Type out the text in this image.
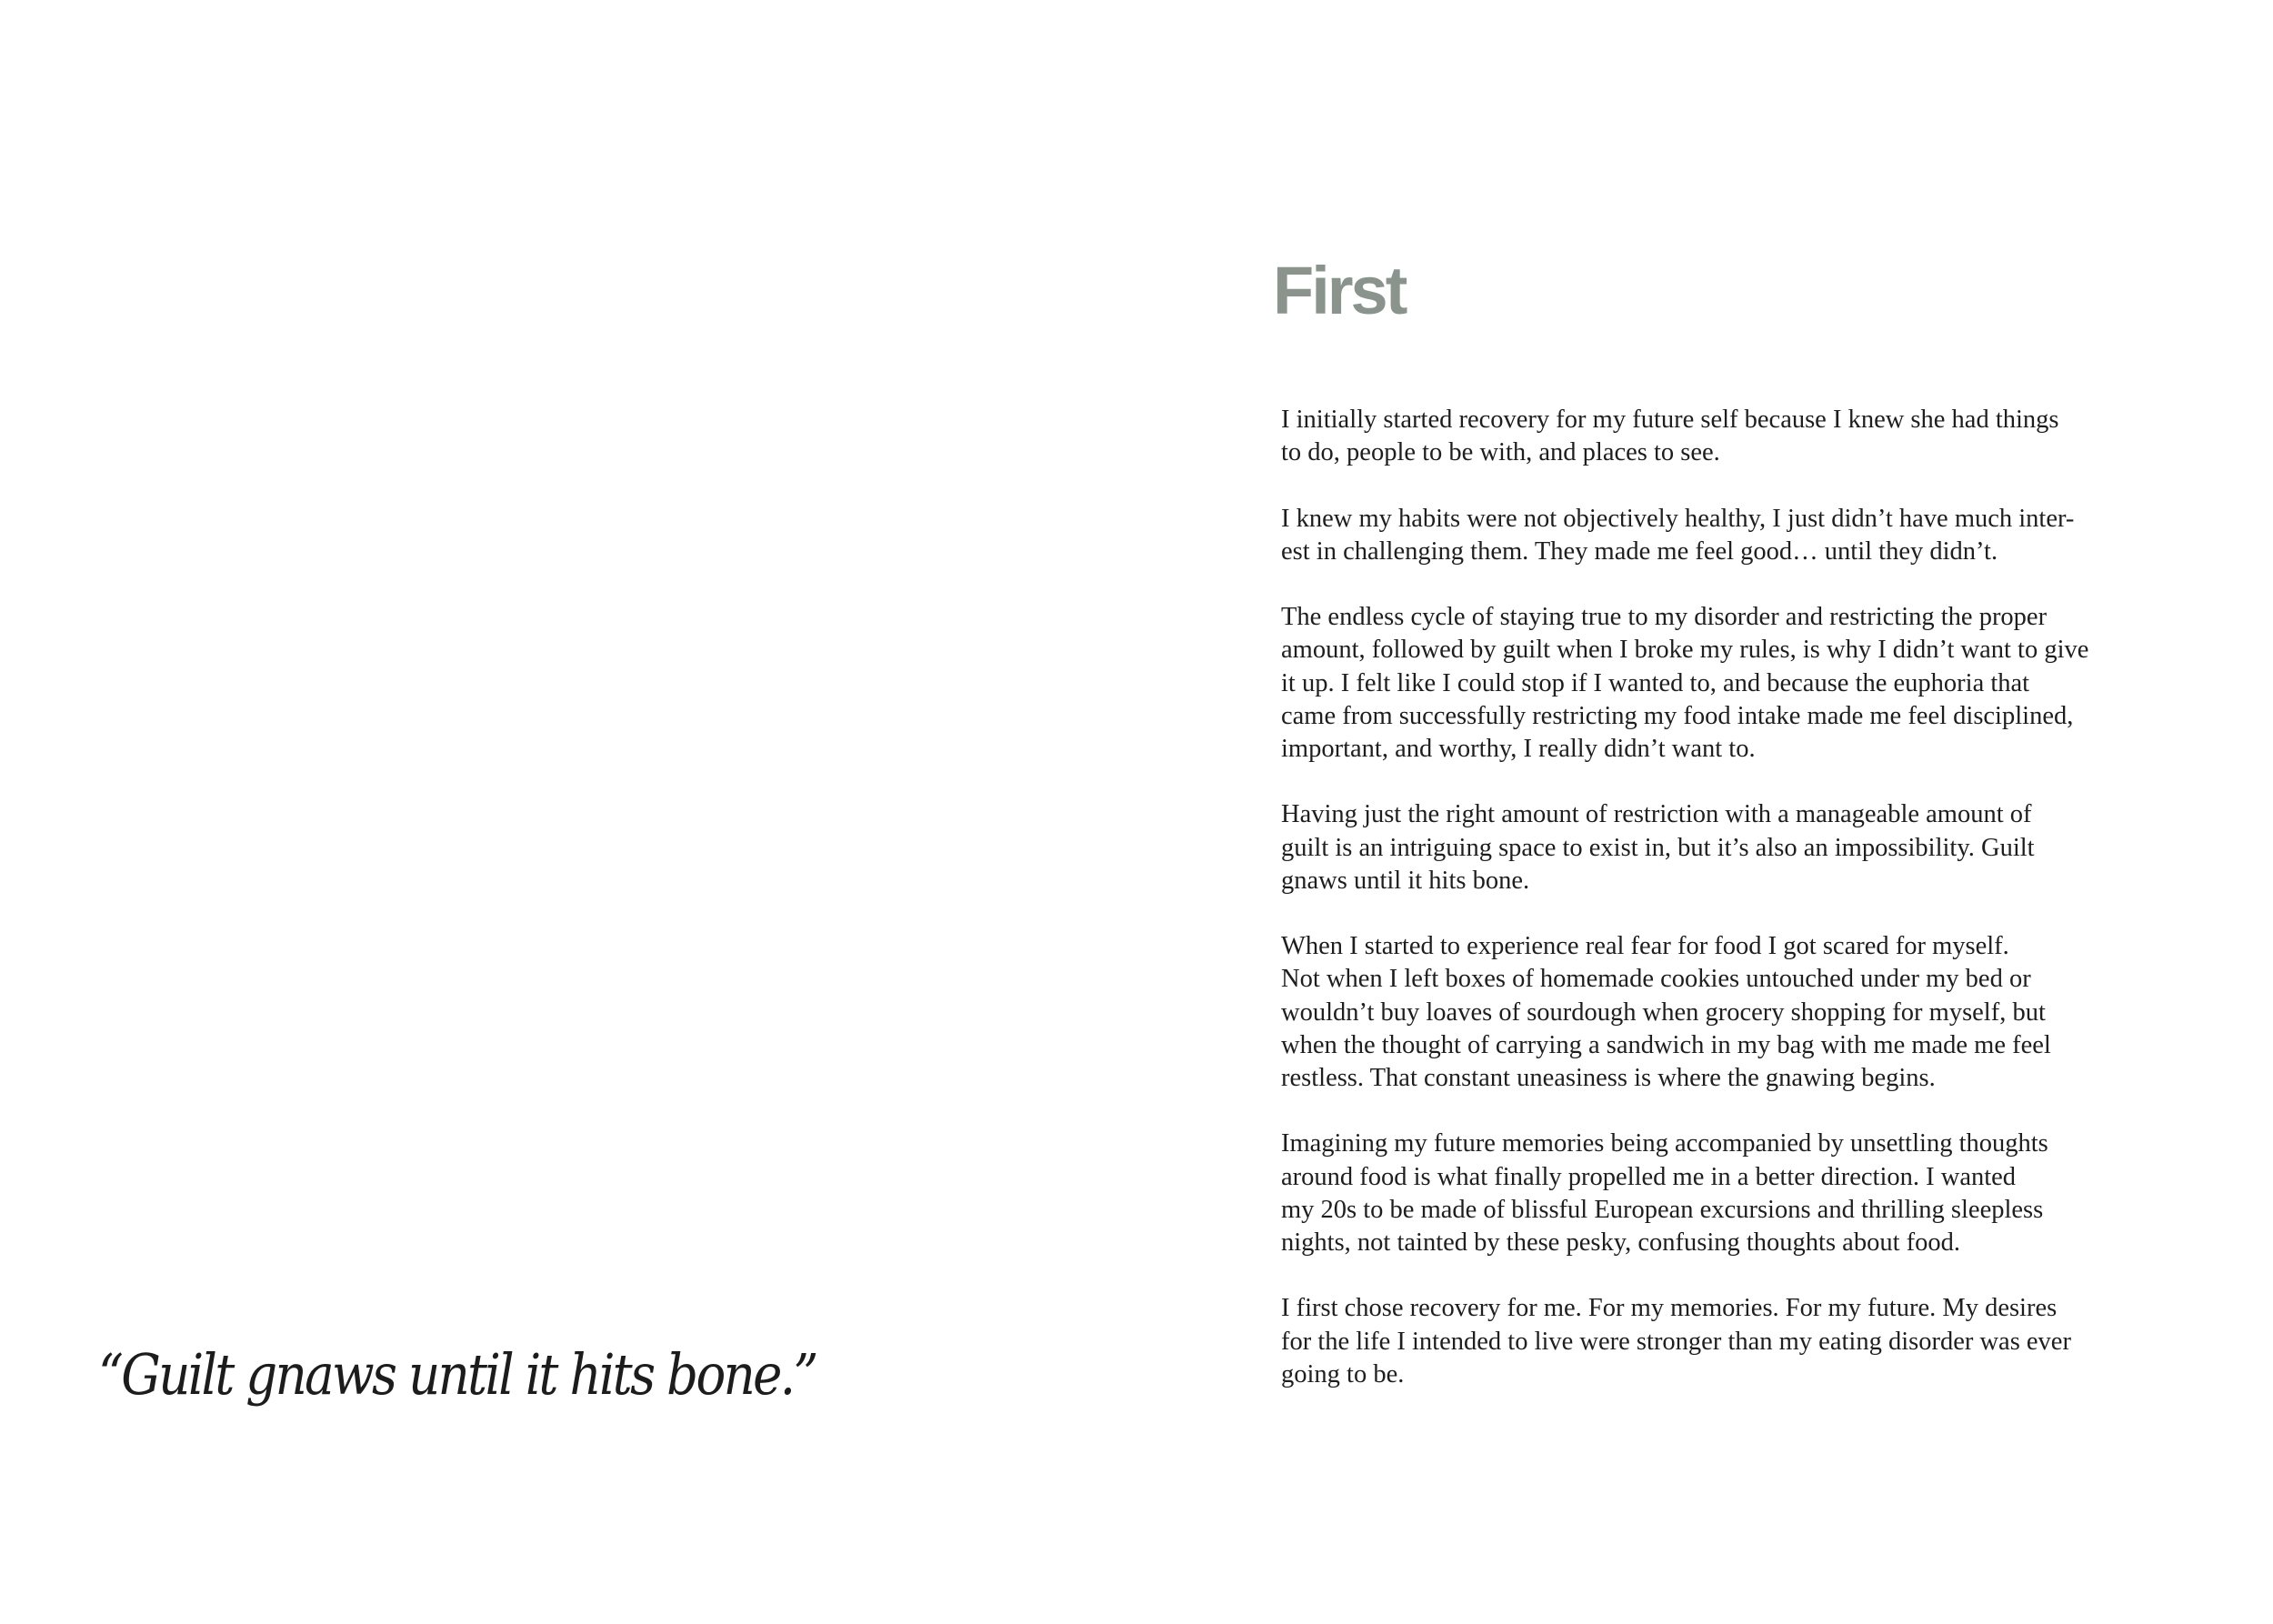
“Guilt gnaws until it hits bone.”

First

I initially started recovery for my future self because I knew she had things
to do, people to be with, and places to see.

I knew my habits were not objectively healthy, I just didn’t have much inter-
est in challenging them. They made me feel good… until they didn’t.

The endless cycle of staying true to my disorder and restricting the proper
amount, followed by guilt when I broke my rules, is why I didn’t want to give
it up. I felt like I could stop if I wanted to, and because the euphoria that
came from successfully restricting my food intake made me feel disciplined,
important, and worthy, I really didn’t want to.

Having just the right amount of restriction with a manageable amount of
guilt is an intriguing space to exist in, but it’s also an impossibility. Guilt
gnaws until it hits bone.

When I started to experience real fear for food I got scared for myself.
Not when I left boxes of homemade cookies untouched under my bed or
wouldn’t buy loaves of sourdough when grocery shopping for myself, but
when the thought of carrying a sandwich in my bag with me made me feel
restless. That constant uneasiness is where the gnawing begins.

Imagining my future memories being accompanied by unsettling thoughts
around food is what finally propelled me in a better direction. I wanted
my 20s to be made of blissful European excursions and thrilling sleepless
nights, not tainted by these pesky, confusing thoughts about food.

I first chose recovery for me. For my memories. For my future. My desires
for the life I intended to live were stronger than my eating disorder was ever
going to be.
